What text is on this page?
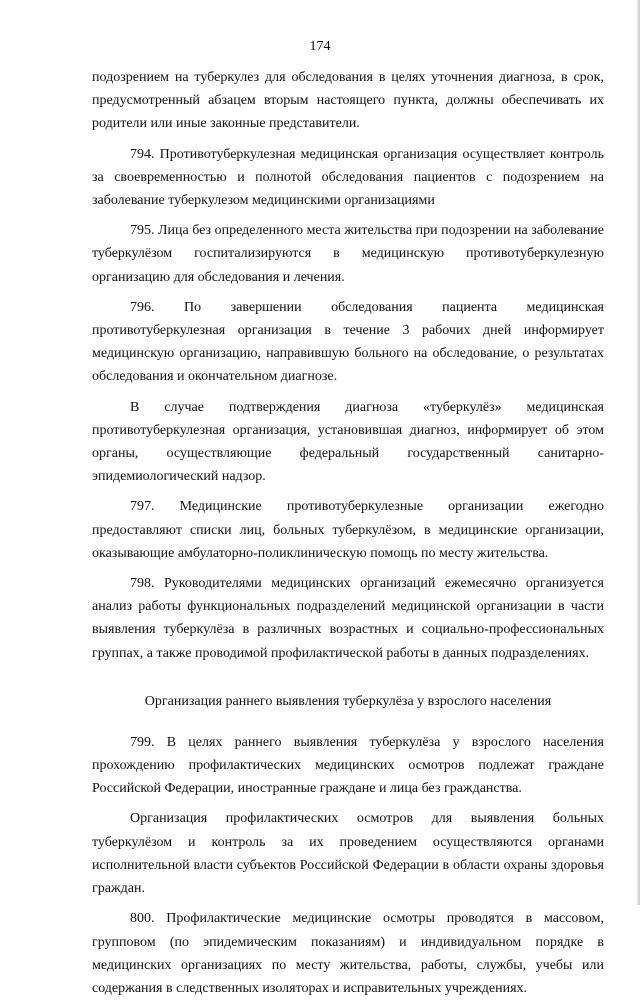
174

подозрением на туберкулез для обследования в целях уточнения диагноза, в срок, предусмотренный абзацем вторым настоящего пункта, должны обеспечивать их родители или иные законные представители.

794. Противотуберкулезная медицинская организация осуществляет контроль за своевременностью и полнотой обследования пациентов с подозрением на заболевание туберкулезом медицинскими организациями

795. Лица без определенного места жительства при подозрении на заболевание туберкулёзом госпитализируются в медицинскую противотуберкулезную организацию для обследования и лечения.

796. По завершении обследования пациента медицинская противотуберкулезная организация в течение 3 рабочих дней информирует медицинскую организацию, направившую больного на обследование, о результатах обследования и окончательном диагнозе.

В случае подтверждения диагноза «туберкулёз» медицинская противотуберкулезная организация, установившая диагноз, информирует об этом органы, осуществляющие федеральный государственный санитарно-эпидемиологический надзор.

797. Медицинские противотуберкулезные организации ежегодно предоставляют списки лиц, больных туберкулёзом, в медицинские организации, оказывающие амбулаторно-поликлиническую помощь по месту жительства.

798. Руководителями медицинских организаций ежемесячно организуется анализ работы функциональных подразделений медицинской организации в части выявления туберкулёза в различных возрастных и социально-профессиональных группах, а также проводимой профилактической работы в данных подразделениях.

Организация раннего выявления туберкулёза у взрослого населения

799. В целях раннего выявления туберкулёза у взрослого населения прохождению профилактических медицинских осмотров подлежат граждане Российской Федерации, иностранные граждане и лица без гражданства.

Организация профилактических осмотров для выявления больных туберкулёзом и контроль за их проведением осуществляются органами исполнительной власти субъектов Российской Федерации в области охраны здоровья граждан.

800. Профилактические медицинские осмотры проводятся в массовом, групповом (по эпидемическим показаниям) и индивидуальном порядке в медицинских организациях по месту жительства, работы, службы, учебы или содержания в следственных изоляторах и исправительных учреждениях.
